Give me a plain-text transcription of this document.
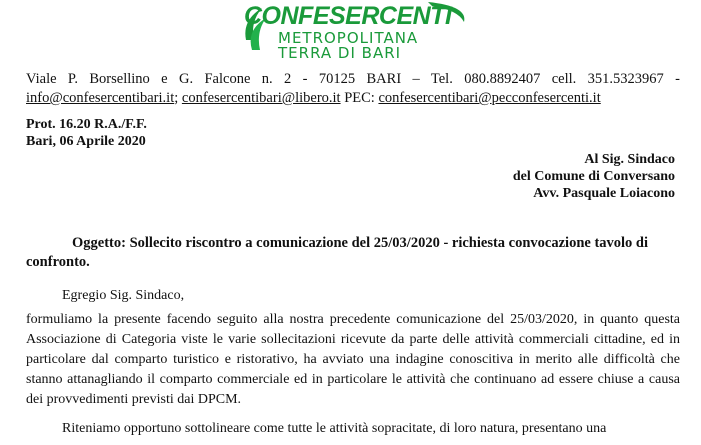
CONFESERCENTI
METROPOLITANA
TERRA DI BARI
Viale P. Borsellino e G. Falcone n. 2 - 70125 BARI – Tel. 080.8892407 cell. 351.5323967 -
info@confesercentibari.it; confesercentibari@libero.it PEC: confesercentibari@pecconfesercenti.it
Prot. 16.20 R.A./F.F.
Bari, 06 Aprile 2020
Al Sig. Sindaco
del Comune di Conversano
Avv. Pasquale Loiacono
Oggetto: Sollecito riscontro a comunicazione del 25/03/2020 - richiesta convocazione tavolo di confronto.
Egregio Sig. Sindaco,
formuliamo la presente facendo seguito alla nostra precedente comunicazione del 25/03/2020, in quanto questa Associazione di Categoria viste le varie sollecitazioni ricevute da parte delle attività commerciali cittadine, ed in particolare dal comparto turistico e ristorativo, ha avviato una indagine conoscitiva in merito alle difficoltà che stanno attanagliando il comparto commerciale ed in particolare le attività che continuano ad essere chiuse a causa dei provvedimenti previsti dai DPCM.
Riteniamo opportuno sottolineare come tutte le attività sopracitate, di loro natura, presentano una
